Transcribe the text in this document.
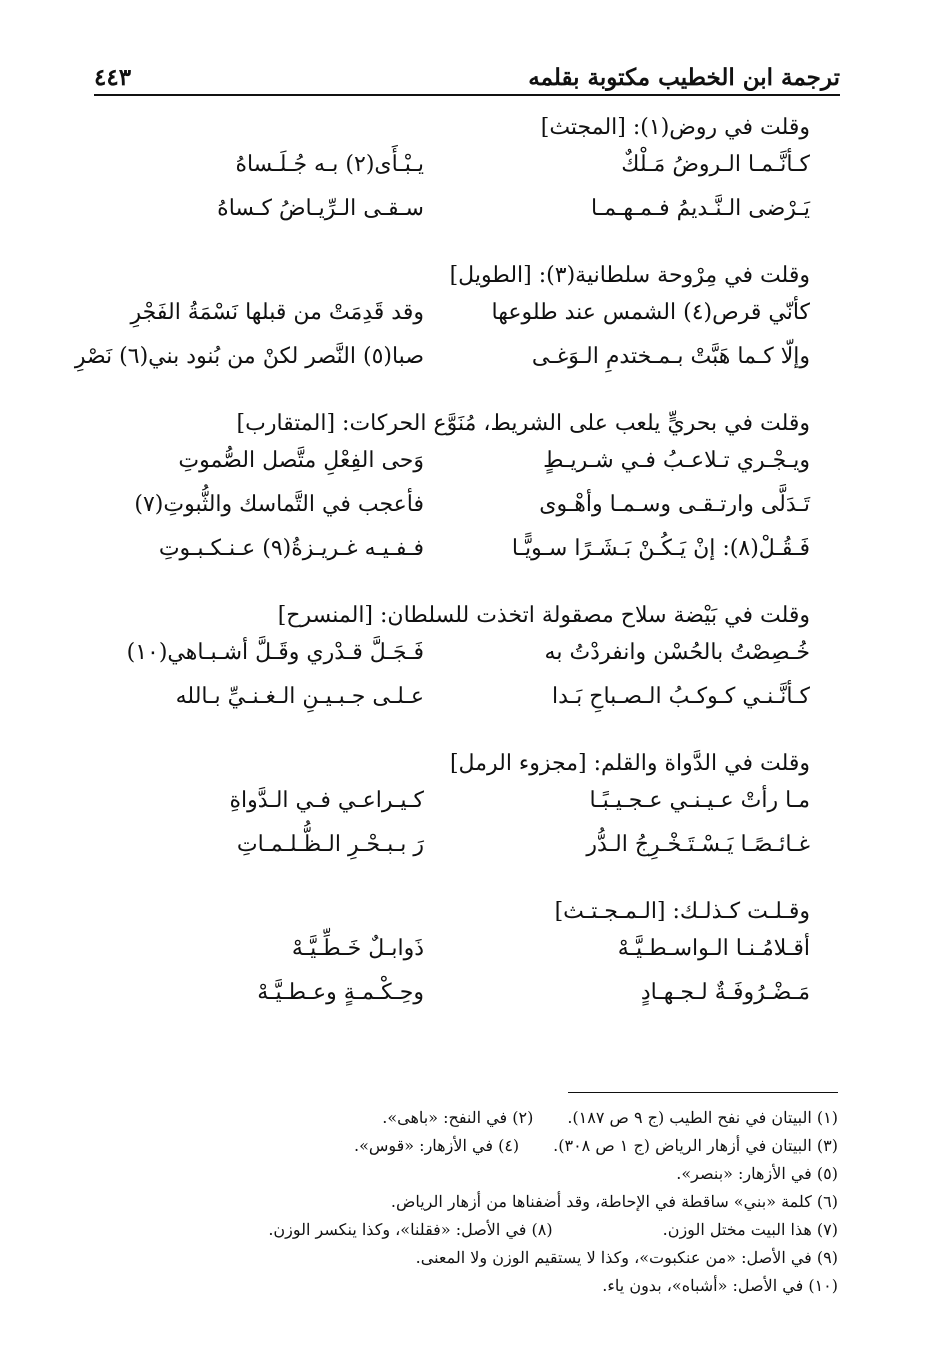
ترجمة ابن الخطيب مكتوبة بقلمه
٤٤٣

وقلت في روض(١): [المجتث]

كـأنَّـمـا الـروضُ مَـلْكٌ
يـبْـأَى(٢) بـه جُـلَـساهُ
يَـرْضى الـنَّـديمُ فـمـهـمـا
سـقـى الـرِّيـاضُ كـساهُ

وقلت في مِرْوحة سلطانية(٣): [الطويل]

كأنّي قرص(٤) الشمس عند طلوعها
وقد قَدِمَتْ من قبلها نَسْمَةُ الفَجْرِ
وإلّا كـما هَبَّتْ بـمـختدمِ الـوَغـى
صبا(٥) النَّصر لكنْ من بُنود بني(٦) نَصْرِ

وقلت في بحريٍّ يلعب على الشريط، مُنَوَّع الحركات: [المتقارب]

ويـجْـري تـلاعـبُ فـي شـريـطٍ
وَحى الفِعْلِ متَّصل الصُّموتِ
تَـدَلَّى وارتـقـى وسـمـا وأهْـوى
فأعجب في التَّماسك والثُّبوتِ(٧)
فَـقُـلْ(٨): إنْ يَـكُـنْ بَـشَـرًا سـويًّـا
فـفـيـه غـريـزةُ(٩) عـنـكـبـوتِ

وقلت في بَيْضة سلاح مصقولة اتخذت للسلطان: [المنسرح]

خُـصِصْتُ بالحُسْن وانفردْتُ به
فَـجَـلَّ قـدْري وقَـلَّ أشـبـاهي(١٠)
كـأنَّـنـي كـوكـبُ الـصـباحِ بَـدا
عـلـى جـبـيـنِ الـغـنـيِّ بـالله

وقلت في الدَّواة والقلم: [مجزوء الرمل]

مـا رأتْ عـيـنـي عـجـيـبًـا
كـيـراعـي فـي الـدَّواةِ
غـائـصًـا يَـسْـتَـخْـرِجُ الـدُّر
رَ بـبـحْـرِ الـظُّـلـمـاتِ

وقـلـت كـذلـك: [الـمـجـتـث]

أقـلامُـنـا الـواسـطـيَّـهْ
ذَوابـلٌ خَـطِّـيَّـهْ
مَـضْـرُوفَـةٌ لـجـهـادٍ
وحِـكْـمـةٍ وعـطـيَّـهْ
(١) البيتان في نفح الطيب (ج ٩ ص ١٨٧).(٢) في النفح: «باهى».
(٣) البيتان في أزهار الرياض (ج ١ ص ٣٠٨).(٤) في الأزهار: «قوس».
(٥) في الأزهار: «بنصر».
(٦) كلمة «بني» ساقطة في الإحاطة، وقد أضفناها من أزهار الرياض.
(٧) هذا البيت مختل الوزن.(٨) في الأصل: «فقلنا»، وكذا ينكسر الوزن.
(٩) في الأصل: «من عنكبوت»، وكذا لا يستقيم الوزن ولا المعنى.
(١٠) في الأصل: «أشباه»، بدون ياء.
